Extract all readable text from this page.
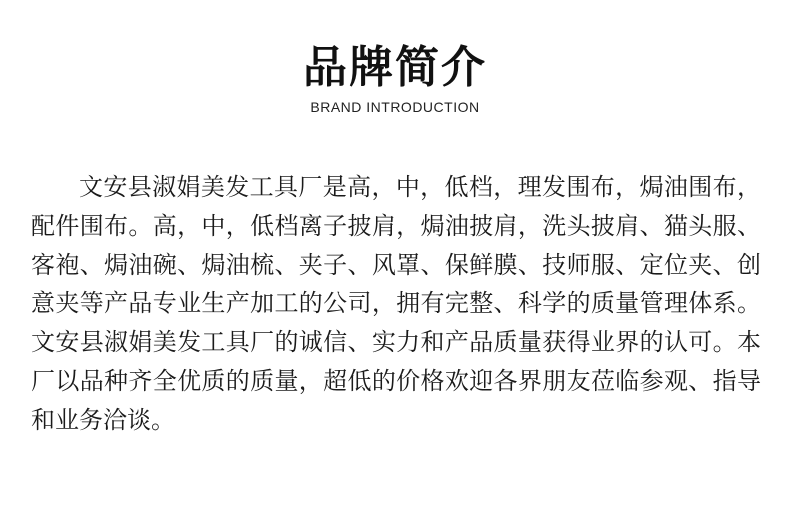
品牌简介
BRAND INTRODUCTION

文安县淑娟美发工具厂是高，中，低档，理发围布，焗油围布，配件围布。高，中，低档离子披肩，焗油披肩，洗头披肩、猫头服、客袍、焗油碗、焗油梳、夹子、风罩、保鲜膜、技师服、定位夹、创意夹等产品专业生产加工的公司，拥有完整、科学的质量管理体系。文安县淑娟美发工具厂的诚信、实力和产品质量获得业界的认可。本厂以品种齐全优质的质量，超低的价格欢迎各界朋友莅临参观、指导和业务洽谈。
